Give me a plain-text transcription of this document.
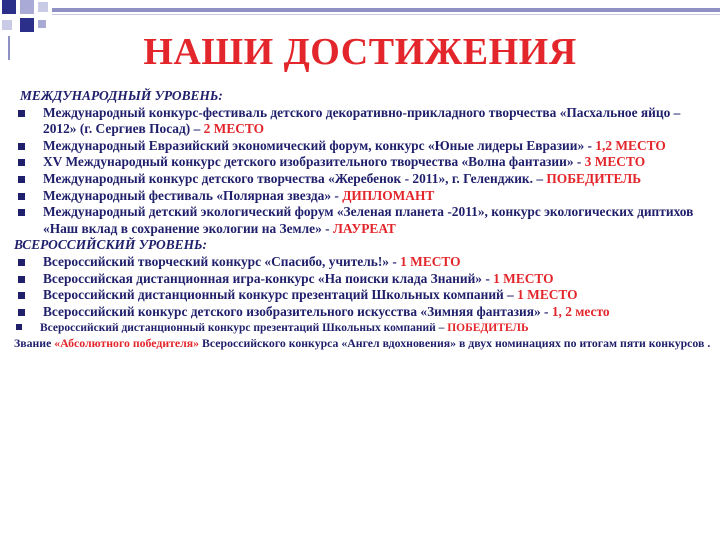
НАШИ ДОСТИЖЕНИЯ
МЕЖДУНАРОДНЫЙ УРОВЕНЬ:
Международный конкурс-фестиваль детского декоративно-прикладного творчества «Пасхальное яйцо – 2012» (г. Сергиев Посад) – 2 МЕСТО
Международный Евразийский экономический форум, конкурс «Юные лидеры Евразии» - 1,2 МЕСТО
XV Международный конкурс детского изобразительного творчества «Волна фантазии» - 3 МЕСТО
Международный конкурс детского творчества «Жеребенок - 2011», г. Геленджик. – ПОБЕДИТЕЛЬ
Международный фестиваль «Полярная звезда» - ДИПЛОМАНТ
Международный детский экологический форум «Зеленая планета -2011», конкурс экологических диптихов «Наш вклад в сохранение экологии на Земле» - ЛАУРЕАТ
ВСЕРОССИЙСКИЙ УРОВЕНЬ:
Всероссийский творческий конкурс «Спасибо, учитель!» - 1 МЕСТО
Всероссийская дистанционная игра-конкурс «На поиски клада Знаний» - 1 МЕСТО
Всероссийский дистанционный конкурс презентаций Школьных компаний – 1 МЕСТО
Всероссийский конкурс детского изобразительного искусства «Зимняя фантазия» - 1, 2 место
Всероссийский дистанционный конкурс презентаций Школьных компаний – ПОБЕДИТЕЛЬ
Звание «Абсолютного победителя» Всероссийского конкурса «Ангел вдохновения» в двух номинациях по итогам пяти конкурсов .
